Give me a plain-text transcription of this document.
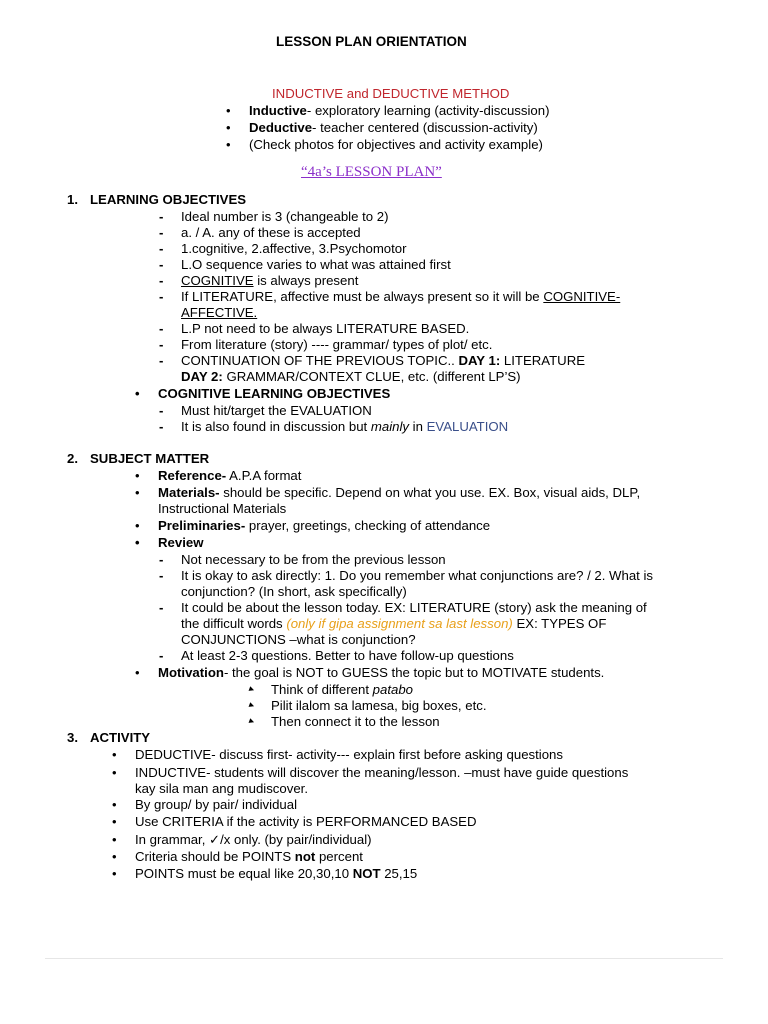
LESSON PLAN ORIENTATION
INDUCTIVE and DEDUCTIVE METHOD
• Inductive- exploratory learning (activity-discussion)
• Deductive- teacher centered (discussion-activity)
• (Check photos for objectives and activity example)
“4a’s LESSON PLAN”
1. LEARNING OBJECTIVES
- Ideal number is 3 (changeable to 2)
- a. / A. any of these is accepted
- 1.cognitive, 2.affective, 3.Psychomotor
- L.O sequence varies to what was attained first
- COGNITIVE is always present
- If LITERATURE, affective must be always present so it will be COGNITIVE-
AFFECTIVE.
- L.P not need to be always LITERATURE BASED.
- From literature (story) ---- grammar/ types of plot/ etc.
- CONTINUATION OF THE PREVIOUS TOPIC.. DAY 1: LITERATURE
DAY 2: GRAMMAR/CONTEXT CLUE, etc. (different LP’S)
• COGNITIVE LEARNING OBJECTIVES
- Must hit/target the EVALUATION
- It is also found in discussion but mainly in EVALUATION
2. SUBJECT MATTER
• Reference- A.P.A format
• Materials- should be specific. Depend on what you use. EX. Box, visual aids, DLP,
Instructional Materials
• Preliminaries- prayer, greetings, checking of attendance
• Review
- Not necessary to be from the previous lesson
- It is okay to ask directly: 1. Do you remember what conjunctions are? / 2. What is
conjunction? (In short, ask specifically)
- It could be about the lesson today. EX: LITERATURE (story) ask the meaning of
the difficult words (only if gipa assignment sa last lesson) EX: TYPES OF
CONJUNCTIONS –what is conjunction?
- At least 2-3 questions. Better to have follow-up questions
• Motivation- the goal is NOT to GUESS the topic but to MOTIVATE students.
▸ Think of different patabo
▸ Pilit ilalom sa lamesa, big boxes, etc.
▸ Then connect it to the lesson
3. ACTIVITY
• DEDUCTIVE- discuss first- activity--- explain first before asking questions
• INDUCTIVE- students will discover the meaning/lesson. –must have guide questions
kay sila man ang mudiscover.
• By group/ by pair/ individual
• Use CRITERIA if the activity is PERFORMANCED BASED
• In grammar, ✓/x only. (by pair/individual)
• Criteria should be POINTS not percent
• POINTS must be equal like 20,30,10 NOT 25,15
